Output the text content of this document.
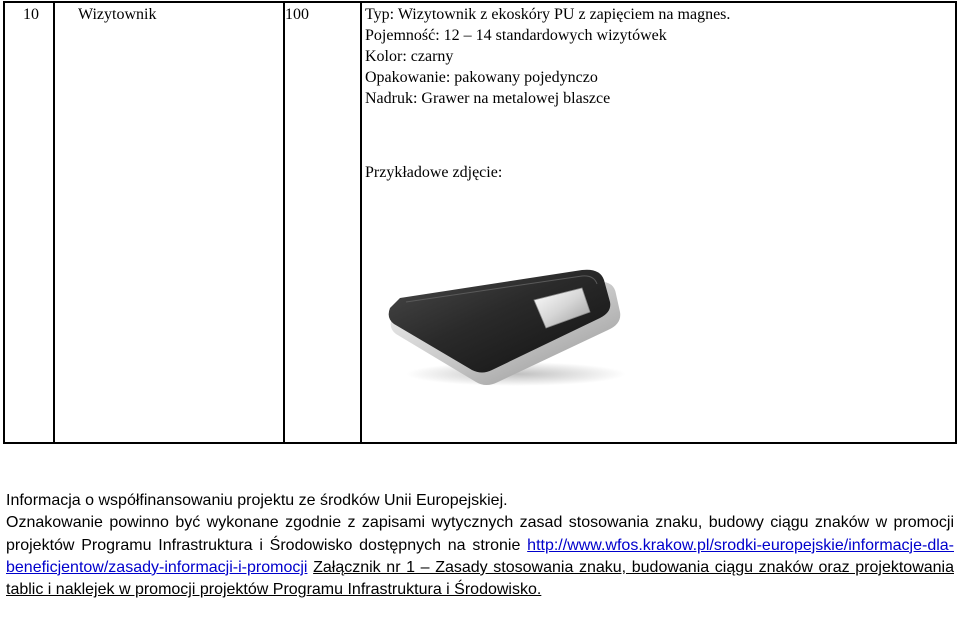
10	Wizytownik	100	Typ: Wizytownik z ekoskóry PU z zapięciem na magnes.
Pojemność: 12 – 14 standardowych wizytówek
Kolor: czarny
Opakowanie: pakowany pojedynczo
Nadruk: Grawer na metalowej blaszce
Przykładowe zdjęcie:

Informacja o współfinansowaniu projektu ze środków Unii Europejskiej.

Oznakowanie powinno być wykonane zgodnie z zapisami wytycznych zasad stosowania znaku, budowy ciągu znaków w promocji projektów Programu Infrastruktura i Środowisko dostępnych na stronie http://www.wfos.krakow.pl/srodki-europejskie/informacje-dla-beneficjentow/zasady-informacji-i-promocji Załącznik nr 1 – Zasady stosowania znaku, budowania ciągu znaków oraz projektowania tablic i naklejek w promocji projektów Programu Infrastruktura i Środowisko.
